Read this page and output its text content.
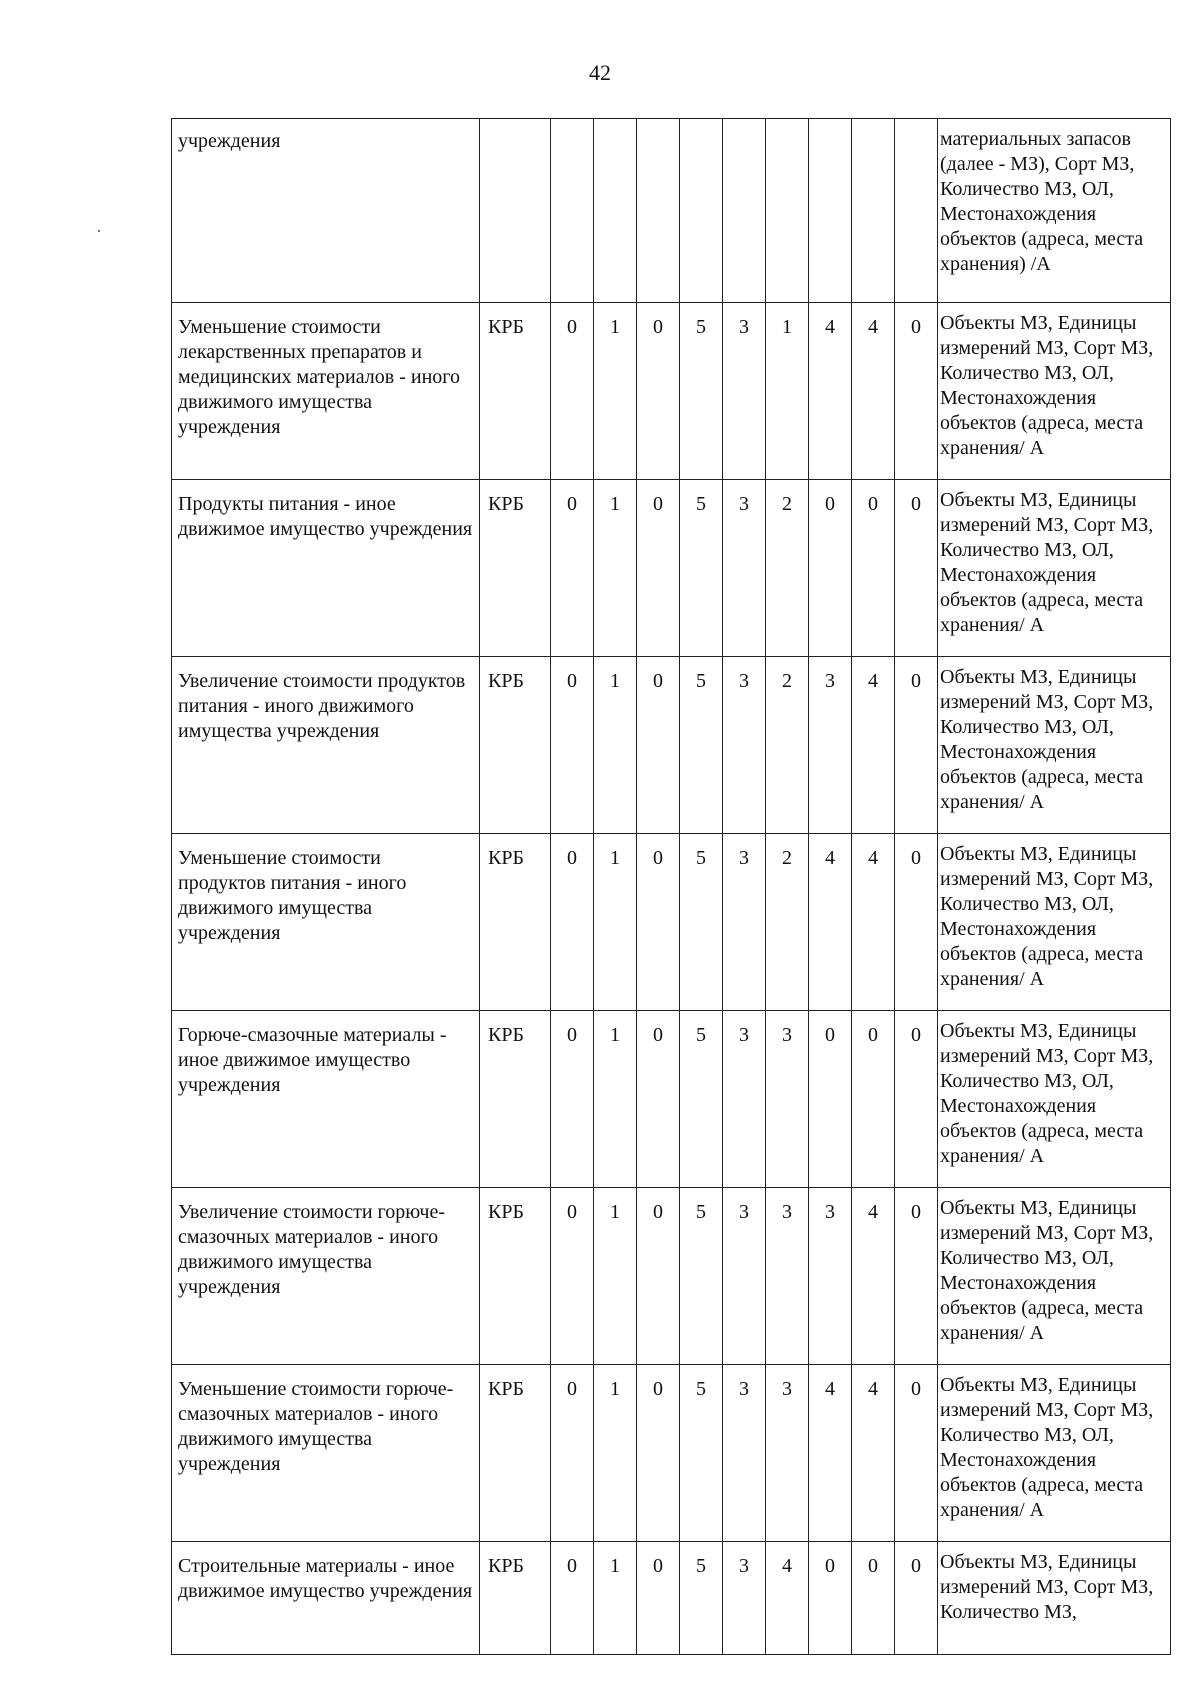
42
учреждения											материальных запасов (далее - МЗ), Сорт МЗ, Количество МЗ, ОЛ, Местонахождения объектов (адреса, места хранения) /А
Уменьшение стоимости лекарственных препаратов и медицинских материалов - иного движимого имущества учреждения	КРБ	0	1	0	5	3	1	4	4	0	Объекты МЗ, Единицы измерений МЗ, Сорт МЗ, Количество МЗ, ОЛ, Местонахождения объектов (адреса, места хранения/ А
Продукты питания - иное движимое имущество учреждения	КРБ	0	1	0	5	3	2	0	0	0	Объекты МЗ, Единицы измерений МЗ, Сорт МЗ, Количество МЗ, ОЛ, Местонахождения объектов (адреса, места хранения/ А
Увеличение стоимости продуктов питания - иного движимого имущества учреждения	КРБ	0	1	0	5	3	2	3	4	0	Объекты МЗ, Единицы измерений МЗ, Сорт МЗ, Количество МЗ, ОЛ, Местонахождения объектов (адреса, места хранения/ А
Уменьшение стоимости продуктов питания - иного движимого имущества учреждения	КРБ	0	1	0	5	3	2	4	4	0	Объекты МЗ, Единицы измерений МЗ, Сорт МЗ, Количество МЗ, ОЛ, Местонахождения объектов (адреса, места хранения/ А
Горюче-смазочные материалы - иное движимое имущество учреждения	КРБ	0	1	0	5	3	3	0	0	0	Объекты МЗ, Единицы измерений МЗ, Сорт МЗ, Количество МЗ, ОЛ, Местонахождения объектов (адреса, места хранения/ А
Увеличение стоимости горюче-смазочных материалов - иного движимого имущества учреждения	КРБ	0	1	0	5	3	3	3	4	0	Объекты МЗ, Единицы измерений МЗ, Сорт МЗ, Количество МЗ, ОЛ, Местонахождения объектов (адреса, места хранения/ А
Уменьшение стоимости горюче-смазочных материалов - иного движимого имущества учреждения	КРБ	0	1	0	5	3	3	4	4	0	Объекты МЗ, Единицы измерений МЗ, Сорт МЗ, Количество МЗ, ОЛ, Местонахождения объектов (адреса, места хранения/ А
Строительные материалы - иное движимое имущество учреждения	КРБ	0	1	0	5	3	4	0	0	0	Объекты МЗ, Единицы измерений МЗ, Сорт МЗ, Количество МЗ,
